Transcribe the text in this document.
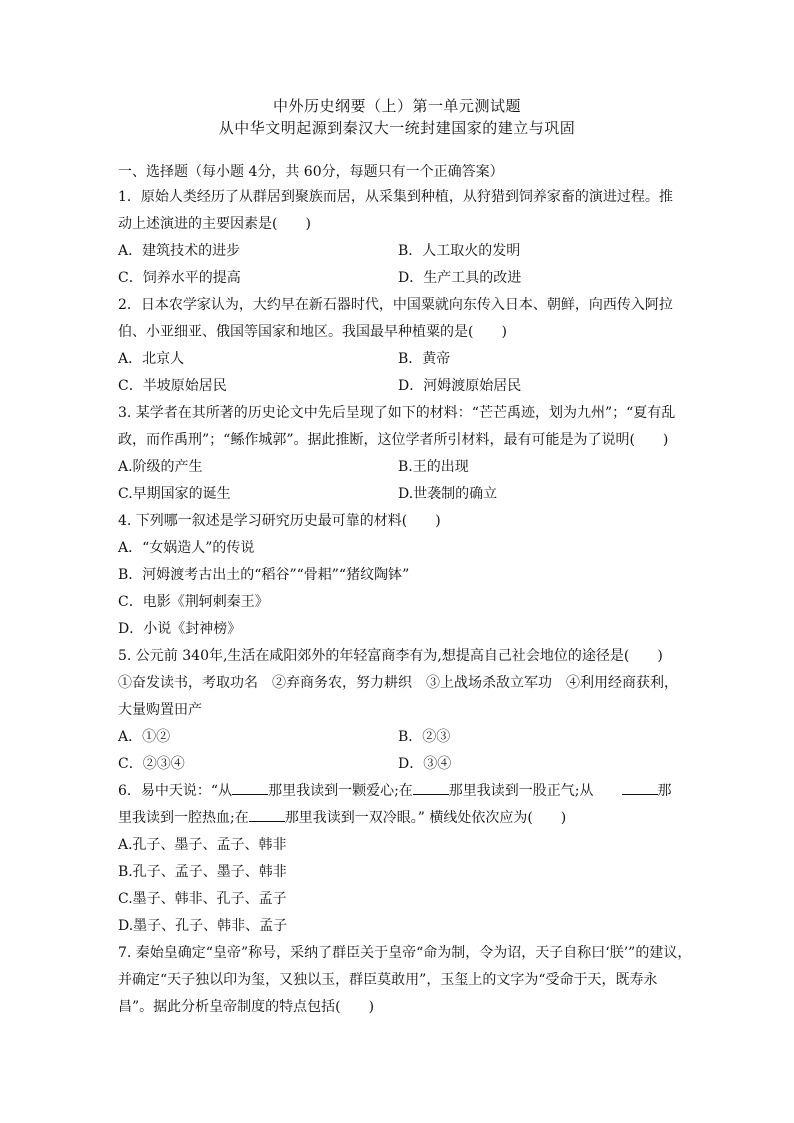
中外历史纲要（上）第一单元测试题
从中华文明起源到秦汉大一统封建国家的建立与巩固
一、选择题（每小题 4分，共 60分，每题只有一个正确答案）
1．原始人类经历了从群居到聚族而居，从采集到种植，从狩猎到饲养家畜的演进过程。推
动上述演进的主要因素是(　　)
A．建筑技术的进步	B．人工取火的发明
C．饲养水平的提高	D．生产工具的改进
2．日本农学家认为，大约早在新石器时代，中国粟就向东传入日本、朝鲜，向西传入阿拉
伯、小亚细亚、俄国等国家和地区。我国最早种植粟的是(　　)
A．北京人	B．黄帝
C．半坡原始居民	D．河姆渡原始居民
3. 某学者在其所著的历史论文中先后呈现了如下的材料：“芒芒禹迹，划为九州”；“夏有乱
政，而作禹刑”；“鲧作城郭”。据此推断，这位学者所引材料，最有可能是为了说明(　　)
A.阶级的产生	B.王的出现
C.早期国家的诞生	D.世袭制的确立
4. 下列哪一叙述是学习研究历史最可靠的材料(　　)
A．“女娲造人”的传说
B．河姆渡考古出土的“稻谷”“骨耜”“猪纹陶钵”
C．电影《荆轲刺秦王》
D．小说《封神榜》
5. 公元前 340年,生活在咸阳郊外的年轻富商李有为,想提高自己社会地位的途径是(　　)
①奋发读书，考取功名　②弃商务农，努力耕织　③上战场杀敌立军功　④利用经商获利，
大量购置田产
A．①②	B．②③
C．②③④	D．③④
6．易中天说：“从	那里我读到一颗爱心;在	那里我读到一股正气;从	那
里我读到一腔热血;在	那里我读到一双冷眼。” 横线处依次应为(　　)
A.孔子、墨子、孟子、韩非
B.孔子、孟子、墨子、韩非
C.墨子、韩非、孔子、孟子
D.墨子、孔子、韩非、孟子
7. 秦始皇确定“皇帝”称号，采纳了群臣关于皇帝“命为制，令为诏，天子自称曰‘朕’”的建议，
并确定“天子独以印为玺，又独以玉，群臣莫敢用”，玉玺上的文字为“受命于天，既寿永
昌”。据此分析皇帝制度的特点包括(　　)
